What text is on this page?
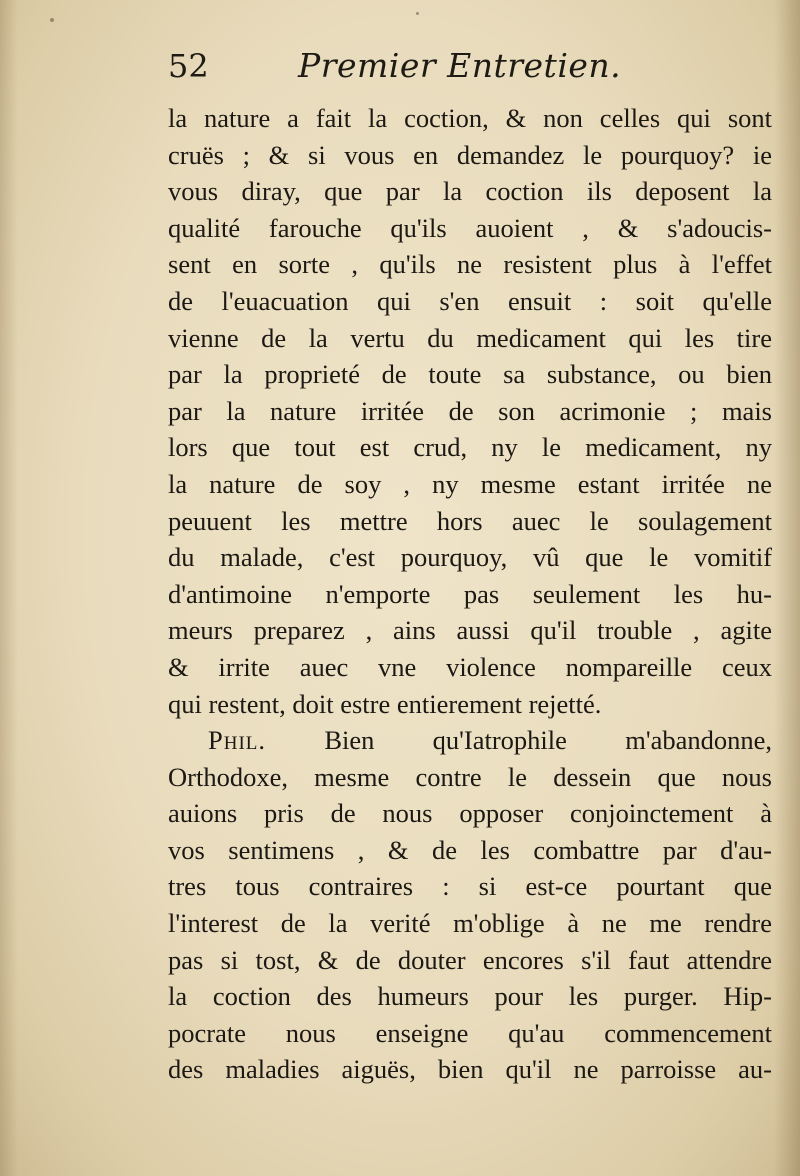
52	Premier Entretien.
la nature a fait la coction, & non celles qui sont
cruës ; & si vous en demandez le pourquoy? ie
vous diray, que par la coction ils deposent la
qualité farouche qu'ils auoient , & s'adoucis-
sent en sorte , qu'ils ne resistent plus à l'effet
de l'euacuation qui s'en ensuit : soit qu'elle
vienne de la vertu du medicament qui les tire
par la proprieté de toute sa substance, ou bien
par la nature irritée de son acrimonie ; mais
lors que tout est crud, ny le medicament, ny
la nature de soy , ny mesme estant irritée ne
peuuent les mettre hors auec le soulagement
du malade, c'est pourquoy, vû que le vomitif
d'antimoine n'emporte pas seulement les hu-
meurs preparez , ains aussi qu'il trouble , agite
& irrite auec vne violence nompareille ceux
qui restent, doit estre entierement rejetté.
Phil. Bien qu'Iatrophile m'abandonne,
Orthodoxe, mesme contre le dessein que nous
auions pris de nous opposer conjoinctement à
vos sentimens , & de les combattre par d'au-
tres tous contraires : si est-ce pourtant que
l'interest de la verité m'oblige à ne me rendre
pas si tost, & de douter encores s'il faut attendre
la coction des humeurs pour les purger. Hip-
pocrate nous enseigne qu'au commencement
des maladies aiguës, bien qu'il ne parroisse au-
